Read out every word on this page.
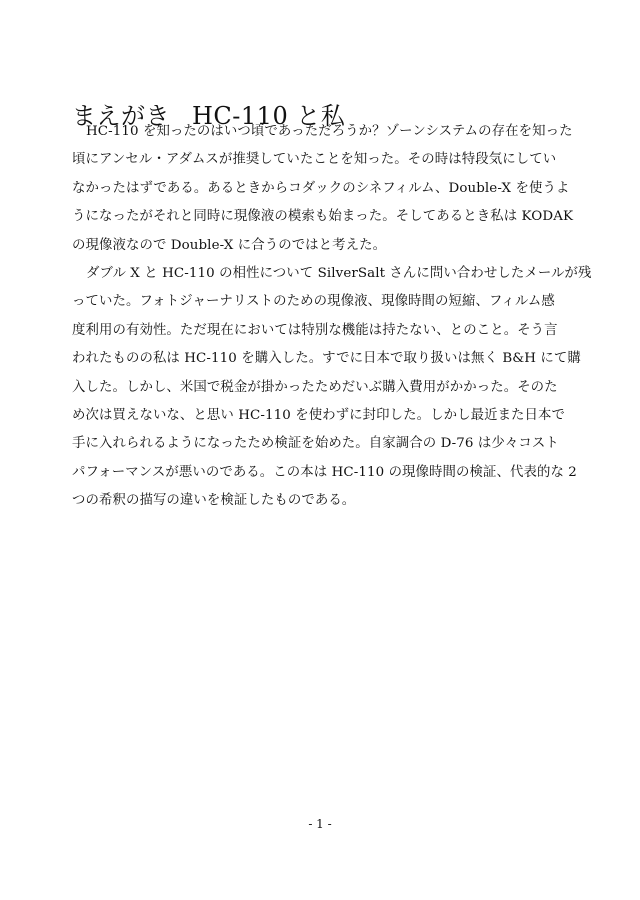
まえがき HC-110 と私
HC-110 を知ったのはいつ頃であっただろうか？ゾーンシステムの存在を知った
頃にアンセル・アダムスが推奨していたことを知った。その時は特段気にしてい
なかったはずである。あるときからコダックのシネフィルム、Double-X を使うよ
うになったがそれと同時に現像液の模索も始まった。そしてあるとき私は KODAK
の現像液なので Double-X に合うのではと考えた。
ダブル X と HC-110 の相性について SilverSalt さんに問い合わせしたメールが残
っていた。フォトジャーナリストのための現像液、現像時間の短縮、フィルム感
度利用の有効性。ただ現在においては特別な機能は持たない、とのこと。そう言
われたものの私は HC-110 を購入した。すでに日本で取り扱いは無く B&H にて購
入した。しかし、米国で税金が掛かったためだいぶ購入費用がかかった。そのた
め次は買えないな、と思い HC-110 を使わずに封印した。しかし最近また日本で
手に入れられるようになったため検証を始めた。自家調合の D-76 は少々コスト
パフォーマンスが悪いのである。この本は HC-110 の現像時間の検証、代表的な 2
つの希釈の描写の違いを検証したものである。
- 1 -
